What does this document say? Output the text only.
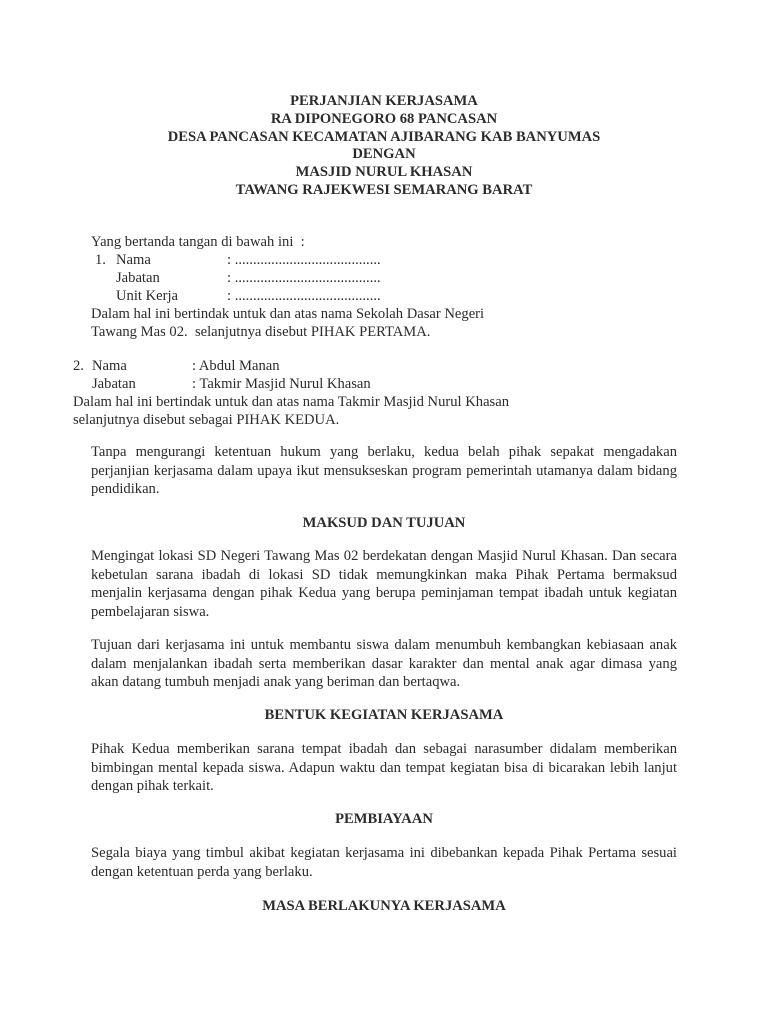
PERJANJIAN KERJASAMA
RA DIPONEGORO 68 PANCASAN
DESA PANCASAN KECAMATAN AJIBARANG KAB BANYUMAS
DENGAN
MASJID NURUL KHASAN
TAWANG RAJEKWESI SEMARANG BARAT
Yang bertanda tangan di bawah ini  :
1. Nama	: ........................................
Jabatan	: ........................................
Unit Kerja	: ........................................
Dalam hal ini bertindak untuk dan atas nama Sekolah Dasar Negeri
Tawang Mas 02.  selanjutnya disebut PIHAK PERTAMA.
2. Nama	: Abdul Manan
Jabatan	: Takmir Masjid Nurul Khasan
Dalam hal ini bertindak untuk dan atas nama Takmir Masjid Nurul Khasan
selanjutnya disebut sebagai PIHAK KEDUA.
Tanpa mengurangi ketentuan hukum yang berlaku, kedua belah pihak sepakat mengadakan perjanjian kerjasama dalam upaya ikut mensukseskan program pemerintah utamanya dalam bidang pendidikan.
MAKSUD DAN TUJUAN
Mengingat lokasi SD Negeri Tawang Mas 02 berdekatan dengan Masjid Nurul Khasan. Dan secara kebetulan sarana ibadah di lokasi SD tidak memungkinkan maka Pihak Pertama bermaksud menjalin kerjasama dengan pihak Kedua yang berupa peminjaman tempat ibadah untuk kegiatan pembelajaran siswa.
Tujuan dari kerjasama ini untuk membantu siswa dalam menumbuh kembangkan kebiasaan anak dalam menjalankan ibadah serta memberikan dasar karakter dan mental anak agar dimasa yang akan datang tumbuh menjadi anak yang beriman dan bertaqwa.
BENTUK KEGIATAN KERJASAMA
Pihak Kedua memberikan sarana tempat ibadah dan sebagai narasumber didalam memberikan bimbingan mental kepada siswa. Adapun waktu dan tempat kegiatan bisa di bicarakan lebih lanjut dengan pihak terkait.
PEMBIAYAAN
Segala biaya yang timbul akibat kegiatan kerjasama ini dibebankan kepada Pihak Pertama sesuai dengan ketentuan perda yang berlaku.
MASA BERLAKUNYA KERJASAMA
